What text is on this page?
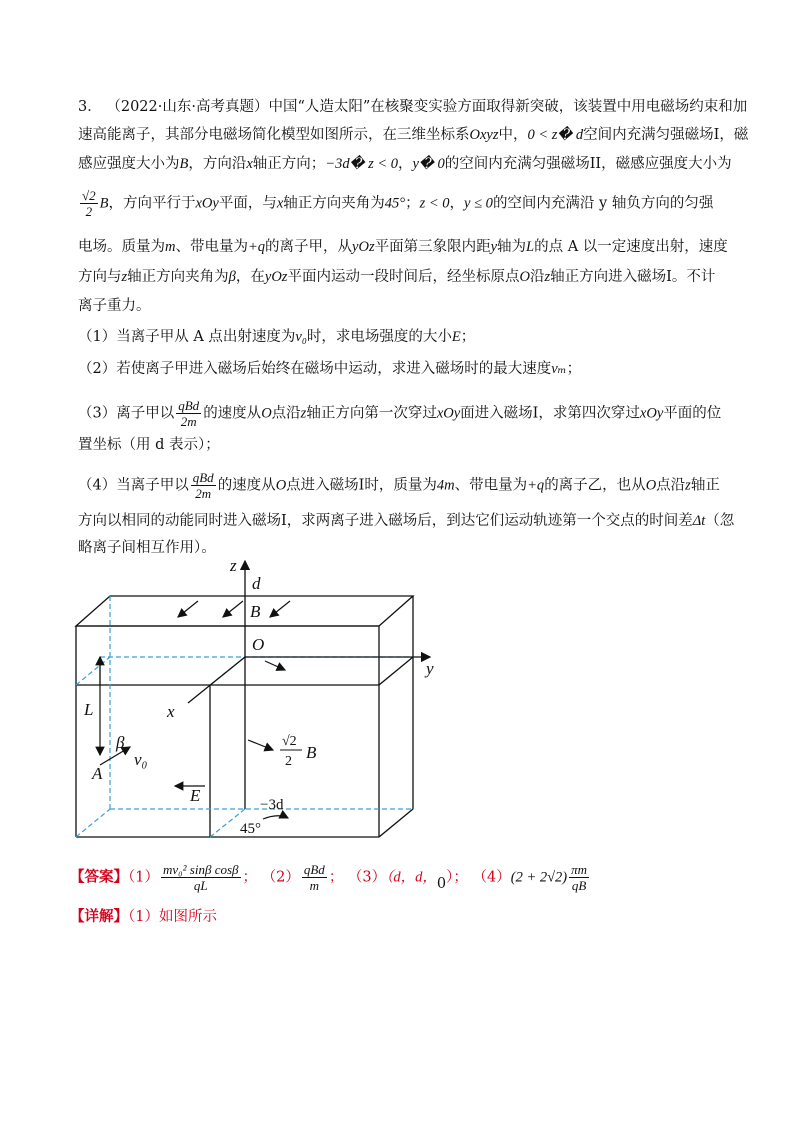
3． （2022·山东·高考真题）中国“人造太阳”在核聚变实验方面取得新突破，该装置中用电磁场约束和加
速高能离子，其部分电磁场简化模型如图所示，在三维坐标系Oxyz中，0 < z� d空间内充满匀强磁场I，磁
感应强度大小为B，方向沿x轴正方向；−3d� z < 0，y� 0的空间内充满匀强磁场II，磁感应强度大小为
$\frac{√2}{2}$ B，方向平行于xOy平面，与x轴正方向夹角为45°；z < 0，y ≤ 0的空间内充满沿 y 轴负方向的匀强
电场。质量为m、带电量为+q的离子甲，从yOz平面第三象限内距y轴为L的点 A 以一定速度出射，速度
方向与z轴正方向夹角为β，在yOz平面内运动一段时间后，经坐标原点O沿z轴正方向进入磁场I。不计
离子重力。
（1）当离子甲从 A 点出射速度为v₀时，求电场强度的大小E；
（2）若使离子甲进入磁场后始终在磁场中运动，求进入磁场时的最大速度vₘ；
（3）离子甲以 $\frac{\text{qBd}}{2m}$ 的速度从O点沿z轴正方向第一次穿过xOy面进入磁场I，求第四次穿过xOy平面的位
置坐标（用 d 表示）；
（4）当离子甲以 $\frac{\text{qBd}}{2m}$ 的速度从O点进入磁场I时，质量为4m、带电量为+q的离子乙，也从O点沿z轴正
方向以相同的动能同时进入磁场I，求两离子进入磁场后，到达它们运动轨迹第一个交点的时间差Δt（忽
略离子间相互作用）。
z
d
B
O
y
x
L
β
v₀
A
E
√2
2 B
−3d
45°
【答案】$(1) \frac{\text{mv₀² sinβ cosβ}}{qL}$ ； $(2) \frac{\text{qBd}}{m}$ ； （3）（d，d，0）； $(4)(2 + 2√2) \frac{\pi m}{qB}$
【详解】（1）如图所示
